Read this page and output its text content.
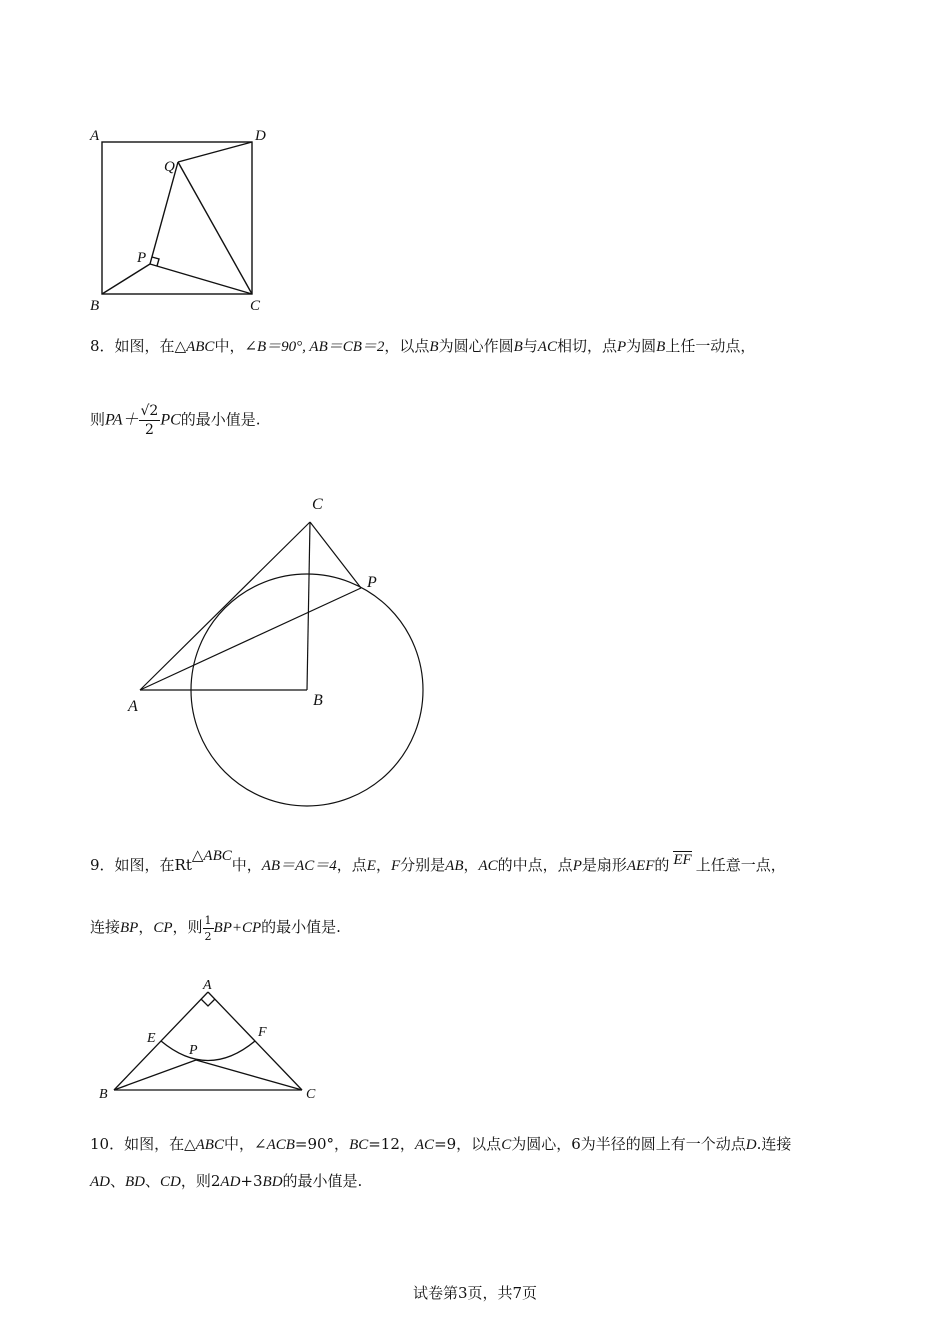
A	D
Q
P
B	C
8．如图，在△ABC中，∠B＝90°, AB＝CB＝2，以点B为圆心作圆B与AC相切，点P为圆B上任一动点，
则$PA+ \frac{√2}{2}$ PC的最小值是.
C
P
A	B
9．如图，在Rt△ABC中，AB＝AC＝4，点E，F分别是AB，AC的中点，点P是扇形AEF的 EF 上任意一点，
连接BP，CP，则 $\frac{1}{2} BP+CP$的最小值是.
A
E	F
P
B	C
10．如图，在△ABC中，∠ACB=90°，BC=12，AC=9，以点C为圆心，6为半径的圆上有一个动点D.连接
AD、BD、CD，则2AD+3BD的最小值是.
试卷第3页，共7页
